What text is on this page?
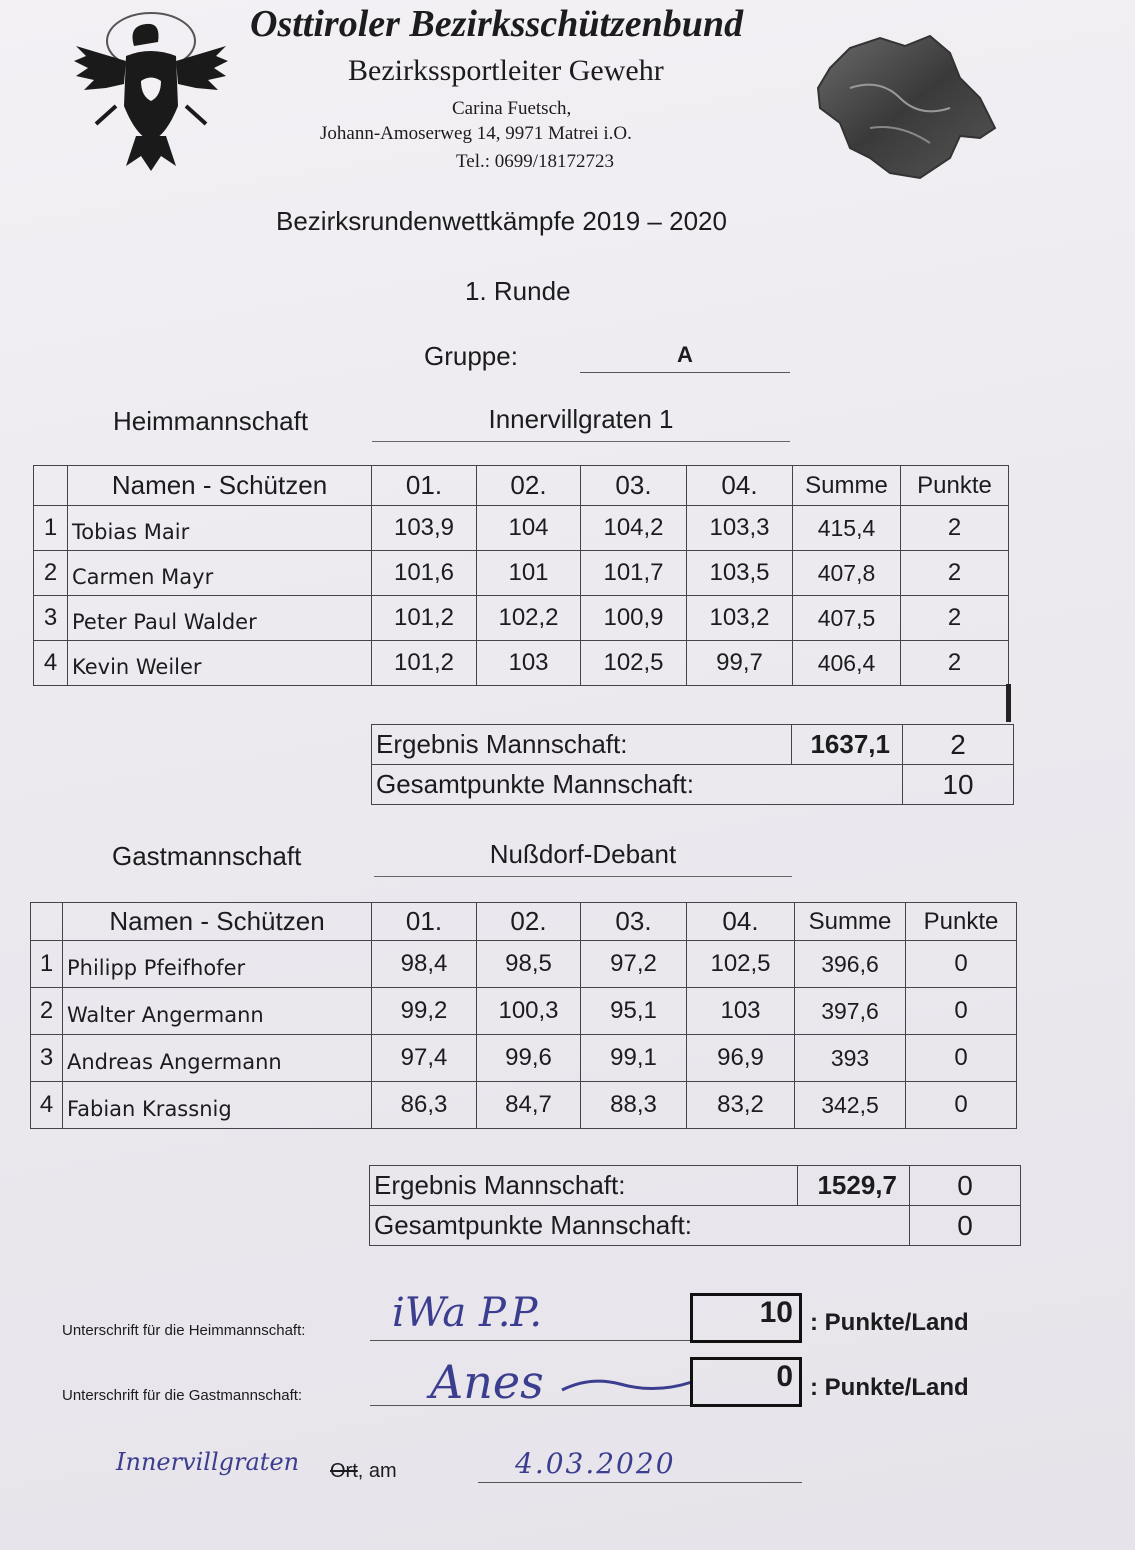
Osttiroler Bezirksschützenbund
Bezirkssportleiter Gewehr
Carina Fuetsch,
Johann-Amoserweg 14, 9971 Matrei i.O.
Tel.: 0699/18172723
Bezirksrundenwettkämpfe 2019 – 2020
1. Runde
Gruppe:	A
Heimmannschaft	Innervillgraten 1
	Namen - Schützen	01.	02.	03.	04.	Summe	Punkte
1	Tobias Mair	103,9	104	104,2	103,3	415,4	2
2	Carmen Mayr	101,6	101	101,7	103,5	407,8	2
3	Peter Paul Walder	101,2	102,2	100,9	103,2	407,5	2
4	Kevin Weiler	101,2	103	102,5	99,7	406,4	2
Ergebnis Mannschaft:	1637,1	2
Gesamtpunkte Mannschaft:		10
Gastmannschaft	Nußdorf-Debant
	Namen - Schützen	01.	02.	03.	04.	Summe	Punkte
1	Philipp Pfeifhofer	98,4	98,5	97,2	102,5	396,6	0
2	Walter Angermann	99,2	100,3	95,1	103	397,6	0
3	Andreas Angermann	97,4	99,6	99,1	96,9	393	0
4	Fabian Krassnig	86,3	84,7	88,3	83,2	342,5	0
Ergebnis Mannschaft:	1529,7	0
Gesamtpunkte Mannschaft:		0
Unterschrift für die Heimmannschaft: iWa P.P.	10 : Punkte/Land
Unterschrift für die Gastmannschaft:	Anes	0 : Punkte/Land
Innervillgraten Ort, am	4.03.2020
